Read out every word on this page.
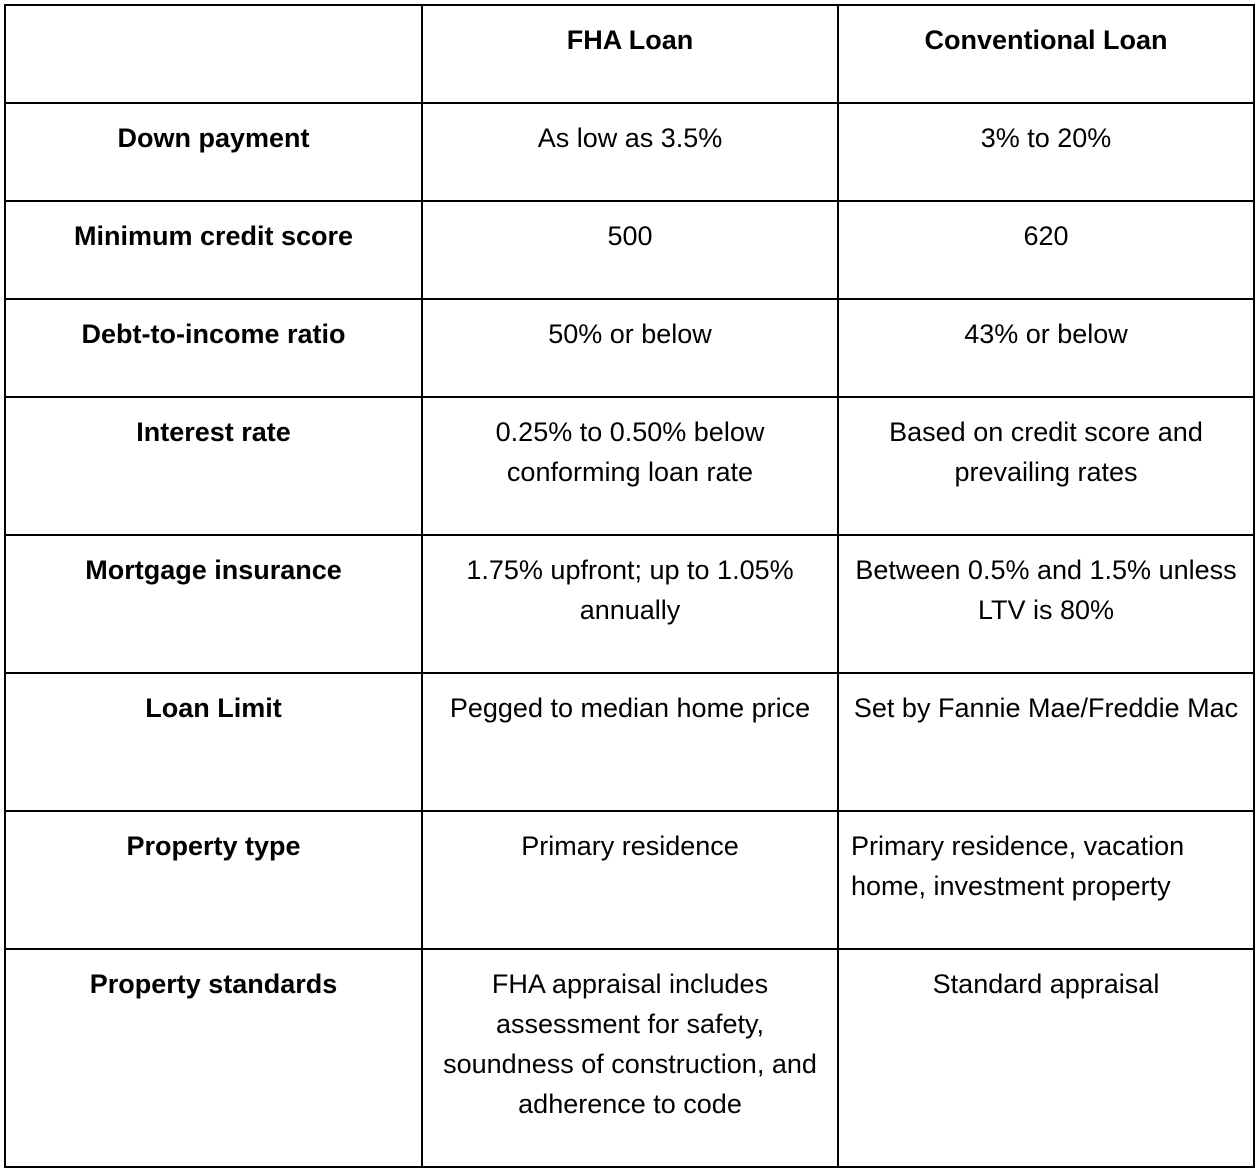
	FHA Loan	Conventional Loan
Down payment	As low as 3.5%	3% to 20%
Minimum credit score	500	620
Debt-to-income ratio	50% or below	43% or below
Interest rate	0.25% to 0.50% below conforming loan rate	Based on credit score and prevailing rates
Mortgage insurance	1.75% upfront; up to 1.05% annually	Between 0.5% and 1.5% unless LTV is 80%
Loan Limit	Pegged to median home price	Set by Fannie Mae/Freddie Mac
Property type	Primary residence	Primary residence, vacation home, investment property
Property standards	FHA appraisal includes assessment for safety, soundness of construction, and adherence to code	Standard appraisal
